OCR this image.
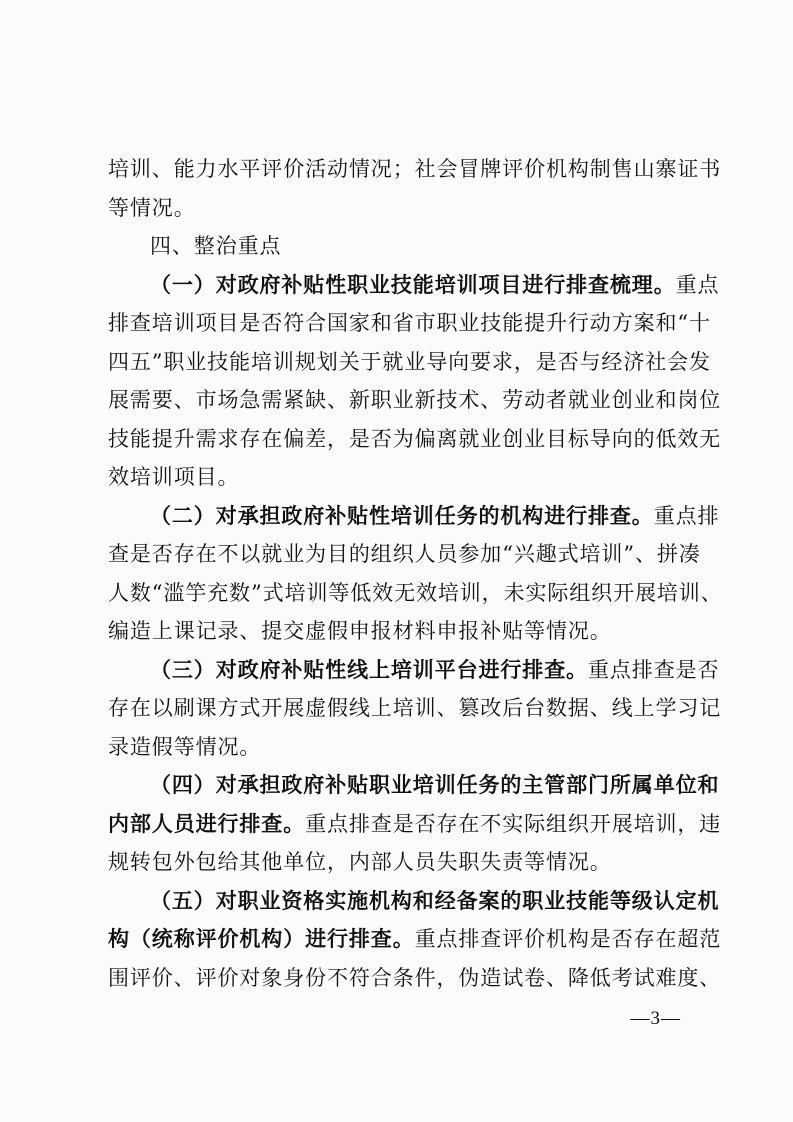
培训、能力水平评价活动情况；社会冒牌评价机构制售山寨证书
等情况。

四、整治重点

（一）对政府补贴性职业技能培训项目进行排查梳理。重点
排查培训项目是否符合国家和省市职业技能提升行动方案和“十
四五”职业技能培训规划关于就业导向要求，是否与经济社会发
展需要、市场急需紧缺、新职业新技术、劳动者就业创业和岗位
技能提升需求存在偏差，是否为偏离就业创业目标导向的低效无
效培训项目。

（二）对承担政府补贴性培训任务的机构进行排查。重点排
查是否存在不以就业为目的组织人员参加“兴趣式培训”、拼凑
人数“滥竽充数”式培训等低效无效培训，未实际组织开展培训、
编造上课记录、提交虚假申报材料申报补贴等情况。

（三）对政府补贴性线上培训平台进行排查。重点排查是否
存在以刷课方式开展虚假线上培训、篡改后台数据、线上学习记
录造假等情况。

（四）对承担政府补贴职业培训任务的主管部门所属单位和
内部人员进行排查。重点排查是否存在不实际组织开展培训，违
规转包外包给其他单位，内部人员失职失责等情况。

（五）对职业资格实施机构和经备案的职业技能等级认定机
构（统称评价机构）进行排查。重点排查评价机构是否存在超范
围评价、评价对象身份不符合条件，伪造试卷、降低考试难度、

—3—
